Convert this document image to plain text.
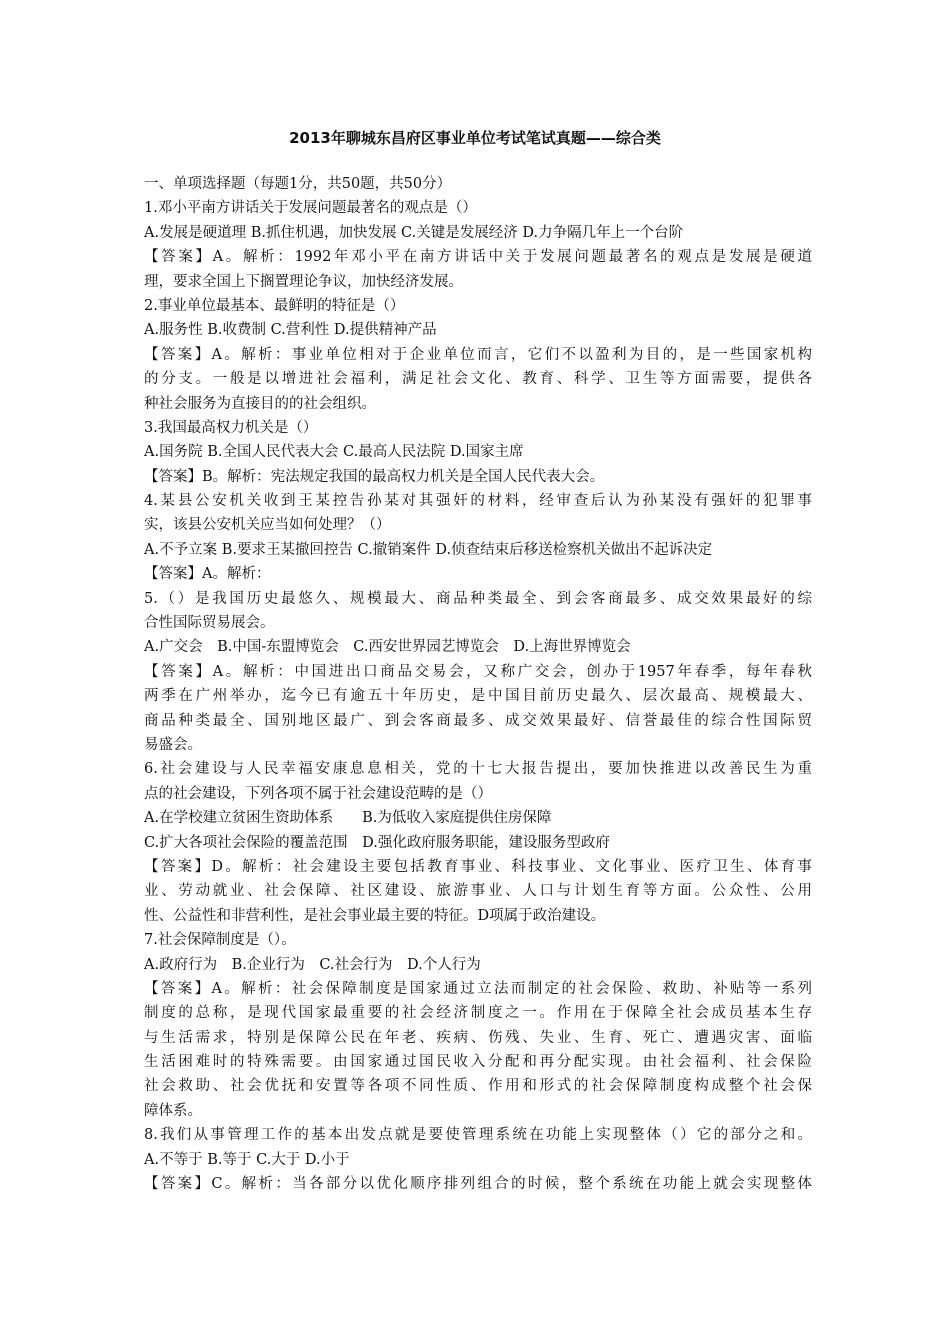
2013年聊城东昌府区事业单位考试笔试真题——综合类
一、单项选择题（每题1分，共50题，共50分）
1.邓小平南方讲话关于发展问题最著名的观点是（）
A.发展是硬道理 B.抓住机遇，加快发展 C.关键是发展经济 D.力争隔几年上一个台阶
【答案】A。解析：1992年邓小平在南方讲话中关于发展问题最著名的观点是发展是硬道
理，要求全国上下搁置理论争议，加快经济发展。
2.事业单位最基本、最鲜明的特征是（）
A.服务性 B.收费制 C.营利性 D.提供精神产品
【答案】A。解析：事业单位相对于企业单位而言，它们不以盈利为目的，是一些国家机构
的分支。一般是以增进社会福利，满足社会文化、教育、科学、卫生等方面需要，提供各
种社会服务为直接目的的社会组织。
3.我国最高权力机关是（）
A.国务院 B.全国人民代表大会 C.最高人民法院 D.国家主席
【答案】B。解析：宪法规定我国的最高权力机关是全国人民代表大会。
4.某县公安机关收到王某控告孙某对其强奸的材料，经审查后认为孙某没有强奸的犯罪事
实，该县公安机关应当如何处理？（）
A.不予立案 B.要求王某撤回控告 C.撤销案件 D.侦查结束后移送检察机关做出不起诉决定
【答案】A。解析：
5.（）是我国历史最悠久、规模最大、商品种类最全、到会客商最多、成交效果最好的综
合性国际贸易展会。
A.广交会　B.中国-东盟博览会　C.西安世界园艺博览会　D.上海世界博览会
【答案】A。解析：中国进出口商品交易会，又称广交会，创办于1957年春季，每年春秋
两季在广州举办，迄今已有逾五十年历史，是中国目前历史最久、层次最高、规模最大、
商品种类最全、国别地区最广、到会客商最多、成交效果最好、信誉最佳的综合性国际贸
易盛会。
6.社会建设与人民幸福安康息息相关，党的十七大报告提出，要加快推进以改善民生为重
点的社会建设，下列各项不属于社会建设范畴的是（）
A.在学校建立贫困生资助体系　　B.为低收入家庭提供住房保障
C.扩大各项社会保险的覆盖范围　D.强化政府服务职能，建设服务型政府
【答案】D。解析：社会建设主要包括教育事业、科技事业、文化事业、医疗卫生、体育事
业、劳动就业、社会保障、社区建设、旅游事业、人口与计划生育等方面。公众性、公用
性、公益性和非营利性，是社会事业最主要的特征。D项属于政治建设。
7.社会保障制度是（）。
A.政府行为　B.企业行为　C.社会行为　D.个人行为
【答案】A。解析：社会保障制度是国家通过立法而制定的社会保险、救助、补贴等一系列
制度的总称，是现代国家最重要的社会经济制度之一。作用在于保障全社会成员基本生存
与生活需求，特别是保障公民在年老、疾病、伤残、失业、生育、死亡、遭遇灾害、面临
生活困难时的特殊需要。由国家通过国民收入分配和再分配实现。由社会福利、社会保险
社会救助、社会优抚和安置等各项不同性质、作用和形式的社会保障制度构成整个社会保
障体系。
8.我们从事管理工作的基本出发点就是要使管理系统在功能上实现整体（）它的部分之和。
A.不等于 B.等于 C.大于 D.小于
【答案】C。解析：当各部分以优化顺序排列组合的时候，整个系统在功能上就会实现整体
